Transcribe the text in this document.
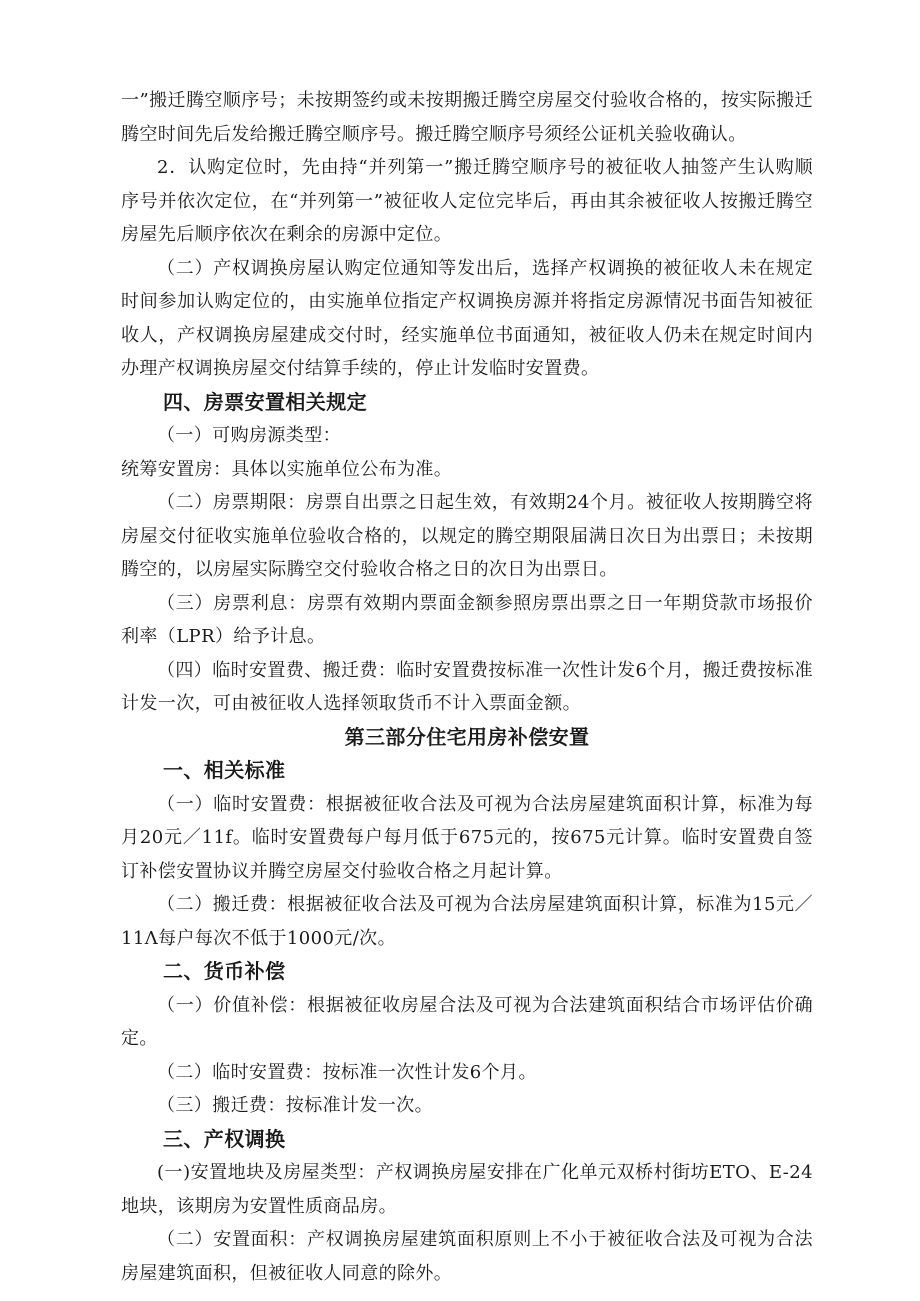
一”搬迁腾空顺序号；未按期签约或未按期搬迁腾空房屋交付验收合格的，按实际搬迁腾空时间先后发给搬迁腾空顺序号。搬迁腾空顺序号须经公证机关验收确认。

2．认购定位时，先由持“并列第一”搬迁腾空顺序号的被征收人抽签产生认购顺序号并依次定位，在“并列第一”被征收人定位完毕后，再由其余被征收人按搬迁腾空房屋先后顺序依次在剩余的房源中定位。

（二）产权调换房屋认购定位通知等发出后，选择产权调换的被征收人未在规定时间参加认购定位的，由实施单位指定产权调换房源并将指定房源情况书面告知被征收人，产权调换房屋建成交付时，经实施单位书面通知，被征收人仍未在规定时间内办理产权调换房屋交付结算手续的，停止计发临时安置费。

四、房票安置相关规定

（一）可购房源类型：

统筹安置房：具体以实施单位公布为准。

（二）房票期限：房票自出票之日起生效，有效期24个月。被征收人按期腾空将房屋交付征收实施单位验收合格的，以规定的腾空期限届满日次日为出票日；未按期腾空的，以房屋实际腾空交付验收合格之日的次日为出票日。

（三）房票利息：房票有效期内票面金额参照房票出票之日一年期贷款市场报价利率（LPR）给予计息。

（四）临时安置费、搬迁费：临时安置费按标准一次性计发6个月，搬迁费按标准计发一次，可由被征收人选择领取货币不计入票面金额。

第三部分住宅用房补偿安置

一、相关标准

（一）临时安置费：根据被征收合法及可视为合法房屋建筑面积计算，标准为每月20元／11f。临时安置费每户每月低于675元的，按675元计算。临时安置费自签订补偿安置协议并腾空房屋交付验收合格之月起计算。

（二）搬迁费：根据被征收合法及可视为合法房屋建筑面积计算，标准为15元／11Λ每户每次不低于1000元/次。

二、货币补偿

（一）价值补偿：根据被征收房屋合法及可视为合法建筑面积结合市场评估价确定。

（二）临时安置费：按标准一次性计发6个月。

（三）搬迁费：按标准计发一次。

三、产权调换

(一)安置地块及房屋类型：产权调换房屋安排在广化单元双桥村街坊ETO、E-24地块，该期房为安置性质商品房。

（二）安置面积：产权调换房屋建筑面积原则上不小于被征收合法及可视为合法房屋建筑面积，但被征收人同意的除外。
